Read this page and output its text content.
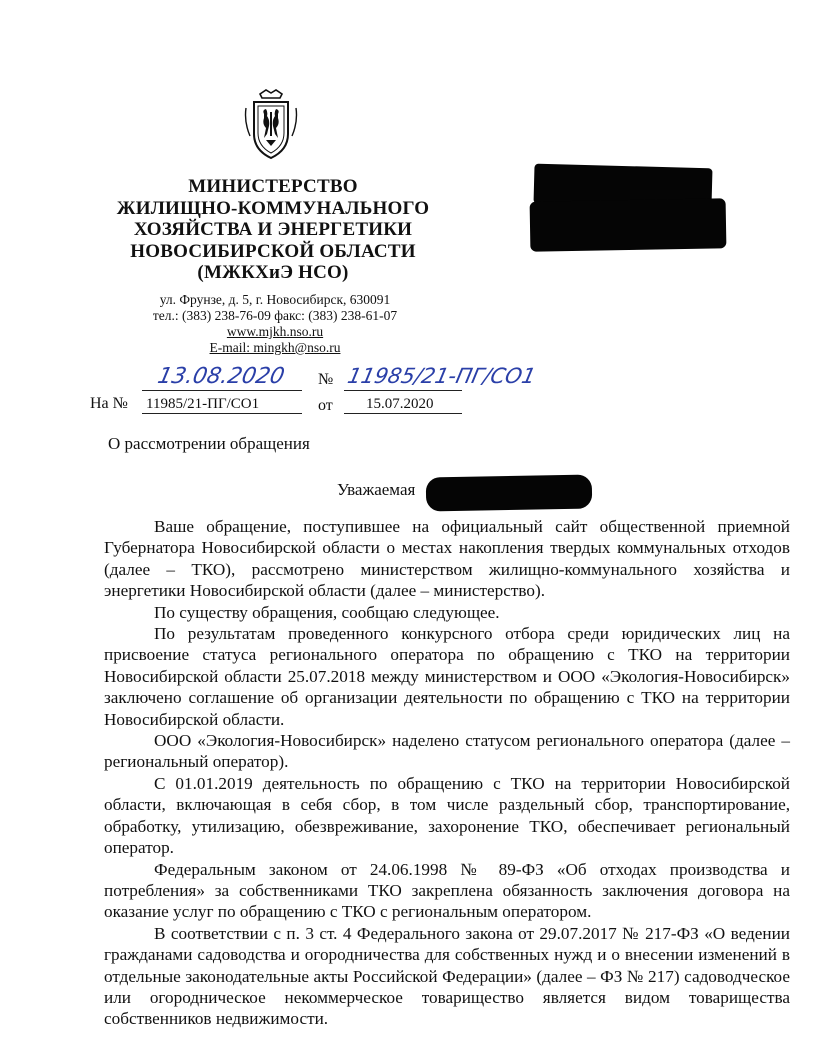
МИНИСТЕРСТВО
ЖИЛИЩНО-КОММУНАЛЬНОГО
ХОЗЯЙСТВА И ЭНЕРГЕТИКИ
НОВОСИБИРСКОЙ ОБЛАСТИ
(МЖКХиЭ НСО)
ул. Фрунзе, д. 5, г. Новосибирск, 630091
тел.: (383) 238-76-09 факс: (383) 238-61-07
www.mjkh.nso.ru
E-mail: mingkh@nso.ru
13.08.2020 № 11985/21-ПГ/СО1
На № 11985/21-ПГ/СО1	от 15.07.2020
О рассмотрении обращения
Уважаемая

Ваше обращение, поступившее на официальный сайт общественной приемной Губернатора Новосибирской области о местах накопления твердых коммунальных отходов (далее – ТКО), рассмотрено министерством жилищно-коммунального хозяйства и энергетики Новосибирской области (далее – министерство).

По существу обращения, сообщаю следующее.

По результатам проведенного конкурсного отбора среди юридических лиц на присвоение статуса регионального оператора по обращению с ТКО на территории Новосибирской области 25.07.2018 между министерством и ООО «Экология-Новосибирск» заключено соглашение об организации деятельности по обращению с ТКО на территории Новосибирской области.

ООО «Экология-Новосибирск» наделено статусом регионального оператора (далее – региональный оператор).

С 01.01.2019 деятельность по обращению с ТКО на территории Новосибирской области, включающая в себя сбор, в том числе раздельный сбор, транспортирование, обработку, утилизацию, обезвреживание, захоронение ТКО, обеспечивает региональный оператор.

Федеральным законом от 24.06.1998 № 89-ФЗ «Об отходах производства и потребления» за собственниками ТКО закреплена обязанность заключения договора на оказание услуг по обращению с ТКО с региональным оператором.

В соответствии с п. 3 ст. 4 Федерального закона от 29.07.2017 № 217-ФЗ «О ведении гражданами садоводства и огородничества для собственных нужд и о внесении изменений в отдельные законодательные акты Российской Федерации» (далее – ФЗ № 217) садоводческое или огородническое некоммерческое товарищество является видом товарищества собственников недвижимости.
